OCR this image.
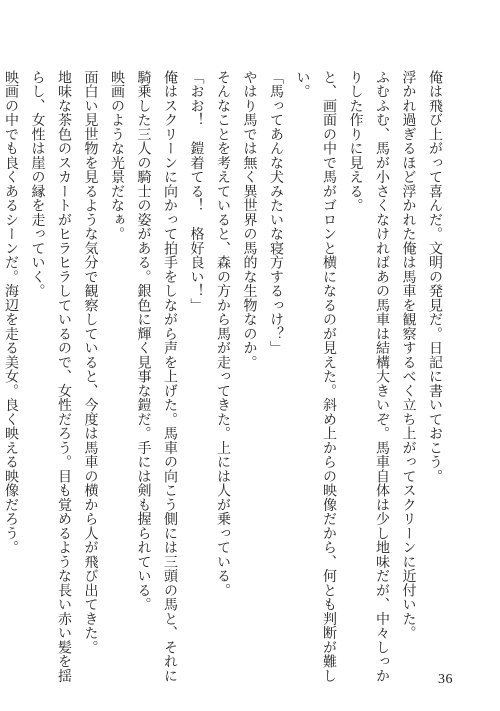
俺は飛び上がって喜んだ。文明の発見だ。日記に書いておこう。
浮かれ過ぎるほど浮かれた俺は馬車を観察するべく立ち上がってスクリーンに近付いた。
ふむふむ、馬が小さくなければあの馬車は結構大きいぞ。馬車自体は少し地味だが、中々しっか
りした作りに見える。
と、画面の中で馬がゴロンと横になるのが見えた。斜め上からの映像だから、何とも判断が難し
い。
「馬ってあんな犬みたいな寝方するっけ？」
やはり馬では無く異世界の馬的な生物なのか。
そんなことを考えていると、森の方から馬が走ってきた。上には人が乗っている。
「おお！　鎧着てる！　格好良い！」
俺はスクリーンに向かって拍手をしながら声を上げた。馬車の向こう側には三頭の馬と、それに
騎乗した三人の騎士の姿がある。銀色に輝く見事な鎧だ。手には剣も握られている。
映画のような光景だなぁ。
面白い見世物を見るような気分で観察していると、今度は馬車の横から人が飛び出てきた。
地味な茶色のスカートがヒラヒラしているので、女性だろう。目も覚めるような長い赤い髪を揺
らし、女性は崖の縁を走っていく。
映画の中でも良くあるシーンだ。海辺を走る美女。良く映える映像だろう。
36
